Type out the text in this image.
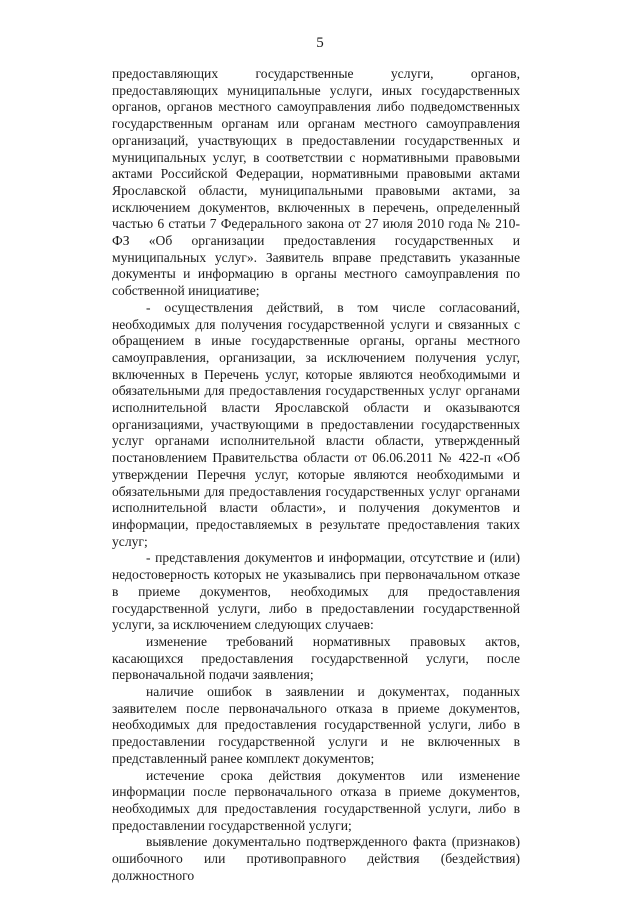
5

предоставляющих государственные услуги, органов, предоставляющих муниципальные услуги, иных государственных органов, органов местного самоуправления либо подведомственных государственным органам или органам местного самоуправления организаций, участвующих в предоставлении государственных и муниципальных услуг, в соответствии с нормативными правовыми актами Российской Федерации, нормативными правовыми актами Ярославской области, муниципальными правовыми актами, за исключением документов, включенных в перечень, определенный частью 6 статьи 7 Федерального закона от 27 июля 2010 года № 210-ФЗ «Об организации предоставления государственных и муниципальных услуг». Заявитель вправе представить указанные документы и информацию в органы местного самоуправления по собственной инициативе;

- осуществления действий, в том числе согласований, необходимых для получения государственной услуги и связанных с обращением в иные государственные органы, органы местного самоуправления, организации, за исключением получения услуг, включенных в Перечень услуг, которые являются необходимыми и обязательными для предоставления государственных услуг органами исполнительной власти Ярославской области и оказываются организациями, участвующими в предоставлении государственных услуг органами исполнительной власти области, утвержденный постановлением Правительства области от 06.06.2011 № 422-п «Об утверждении Перечня услуг, которые являются необходимыми и обязательными для предоставления государственных услуг органами исполнительной власти области», и получения документов и информации, предоставляемых в результате предоставления таких услуг;

- представления документов и информации, отсутствие и (или) недостоверность которых не указывались при первоначальном отказе в приеме документов, необходимых для предоставления государственной услуги, либо в предоставлении государственной услуги, за исключением следующих случаев:

изменение требований нормативных правовых актов, касающихся предоставления государственной услуги, после первоначальной подачи заявления;

наличие ошибок в заявлении и документах, поданных заявителем после первоначального отказа в приеме документов, необходимых для предоставления государственной услуги, либо в предоставлении государственной услуги и не включенных в представленный ранее комплект документов;

истечение срока действия документов или изменение информации после первоначального отказа в приеме документов, необходимых для предоставления государственной услуги, либо в предоставлении государственной услуги;

выявление документально подтвержденного факта (признаков) ошибочного или противоправного действия (бездействия) должностного
